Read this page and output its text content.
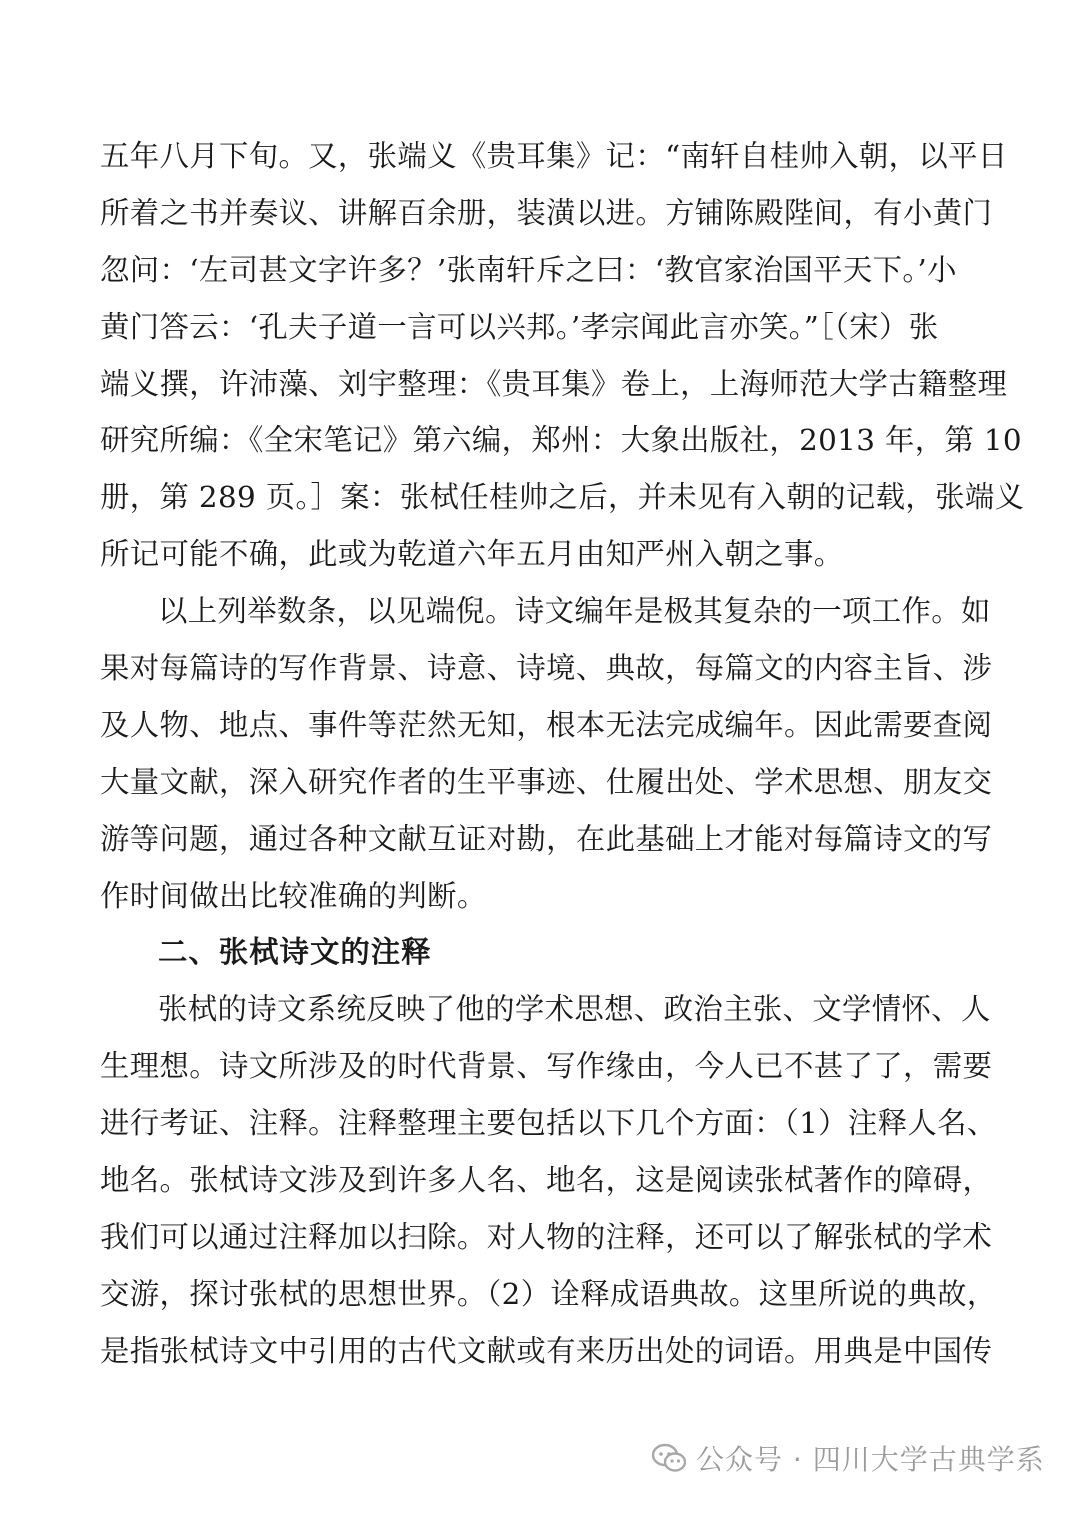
五年八月下旬。又，张端义《贵耳集》记：“南轩自桂帅入朝，以平日
所着之书并奏议、讲解百余册，装潢以进。方铺陈殿陛间，有小黄门
忽问：‘左司甚文字许多？’张南轩斥之曰：‘教官家治国平天下。’小
黄门答云：‘孔夫子道一言可以兴邦。’孝宗闻此言亦笑。”［（宋）张
端义撰，许沛藻、刘宇整理：《贵耳集》卷上，上海师范大学古籍整理
研究所编：《全宋笔记》第六编，郑州：大象出版社，2013 年，第 10
册，第 289 页。］案：张栻任桂帅之后，并未见有入朝的记载，张端义
所记可能不确，此或为乾道六年五月由知严州入朝之事。
以上列举数条，以见端倪。诗文编年是极其复杂的一项工作。如
果对每篇诗的写作背景、诗意、诗境、典故，每篇文的内容主旨、涉
及人物、地点、事件等茫然无知，根本无法完成编年。因此需要查阅
大量文献，深入研究作者的生平事迹、仕履出处、学术思想、朋友交
游等问题，通过各种文献互证对勘，在此基础上才能对每篇诗文的写
作时间做出比较准确的判断。
二、张栻诗文的注释
张栻的诗文系统反映了他的学术思想、政治主张、文学情怀、人
生理想。诗文所涉及的时代背景、写作缘由，今人已不甚了了，需要
进行考证、注释。注释整理主要包括以下几个方面：（1）注释人名、
地名。张栻诗文涉及到许多人名、地名，这是阅读张栻著作的障碍，
我们可以通过注释加以扫除。对人物的注释，还可以了解张栻的学术
交游，探讨张栻的思想世界。（2）诠释成语典故。这里所说的典故，
是指张栻诗文中引用的古代文献或有来历出处的词语。用典是中国传
公众号 · 四川大学古典学系
